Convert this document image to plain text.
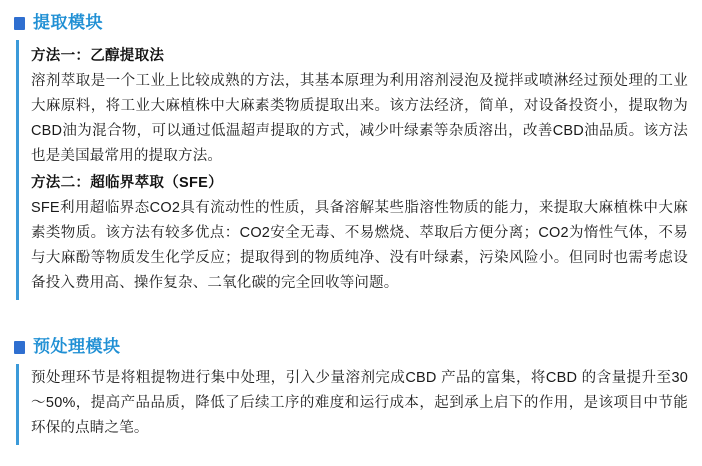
提取模块
方法一：乙醇提取法

溶剂萃取是一个工业上比较成熟的方法，其基本原理为利用溶剂浸泡及搅拌或喷淋经过预处理的工业大麻原料，将工业大麻植株中大麻素类物质提取出来。该方法经济，简单，对设备投资小，提取物为CBD油为混合物，可以通过低温超声提取的方式，减少叶绿素等杂质溶出，改善CBD油品质。该方法也是美国最常用的提取方法。

方法二：超临界萃取（SFE）

SFE利用超临界态CO2具有流动性的性质，具备溶解某些脂溶性物质的能力，来提取大麻植株中大麻素类物质。该方法有较多优点：CO2安全无毒、不易燃烧、萃取后方便分离；CO2为惰性气体，不易与大麻酚等物质发生化学反应；提取得到的物质纯净、没有叶绿素，污染风险小。但同时也需考虑设备投入费用高、操作复杂、二氧化碳的完全回收等问题。

预处理模块

预处理环节是将粗提物进行集中处理，引入少量溶剂完成CBD 产品的富集，将CBD 的含量提升至30～50%，提高产品品质，降低了后续工序的难度和运行成本，起到承上启下的作用，是该项目中节能环保的点睛之笔。
